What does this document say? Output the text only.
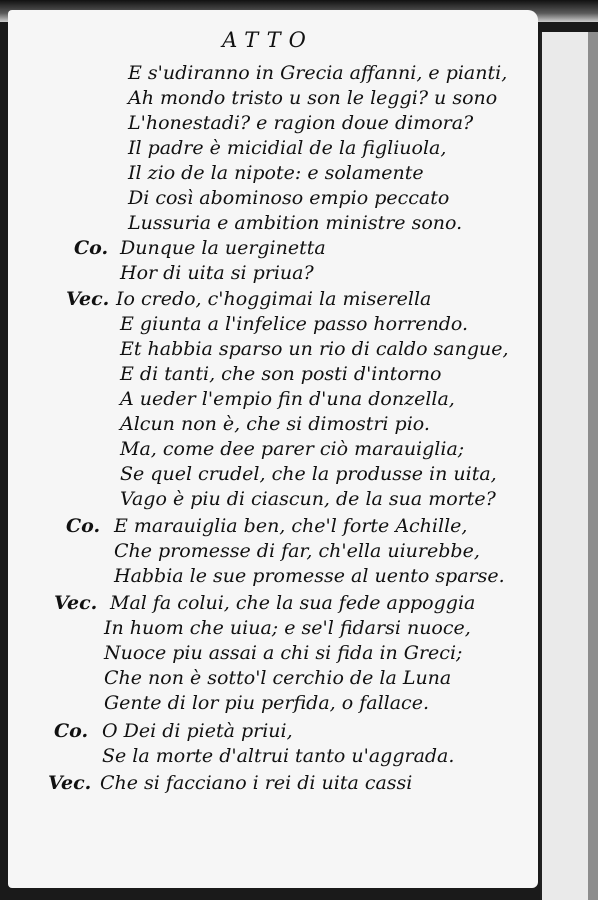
ATTO
E s'udiranno in Grecia affanni, e pianti,
Ah mondo tristo u son le leggi? u sono
L'honestadi? e ragion doue dimora?
Il padre è micidial de la figliuola,
Il zio de la nipote: e solamente
Di così abominoso empio peccato
Lussuria e ambition ministre sono.
Co. Dunque la uerginetta
Hor di uita si priua?
Vec. Io credo, c'hoggimai la miserella
E giunta a l'infelice passo horrendo.
Et habbia sparso un rio di caldo sangue,
E di tanti, che son posti d'intorno
A ueder l'empio fin d'una donzella,
Alcun non è, che si dimostri pio.
Ma, come dee parer ciò marauiglia;
Se quel crudel, che la produsse in uita,
Vago è piu di ciascun, de la sua morte?
Co. E marauiglia ben, che'l forte Achille,
Che promesse di far, ch'ella uiurebbe,
Habbia le sue promesse al uento sparse.
Vec. Mal fa colui, che la sua fede appoggia
In huom che uiua; e se'l fidarsi nuoce,
Nuoce piu assai a chi si fida in Greci;
Che non è sotto'l cerchio de la Luna
Gente di lor piu perfida, o fallace.
Co. O Dei di pietà priui,
Se la morte d'altrui tanto u'aggrada.
Vec. Che si facciano i rei di uita cassi
